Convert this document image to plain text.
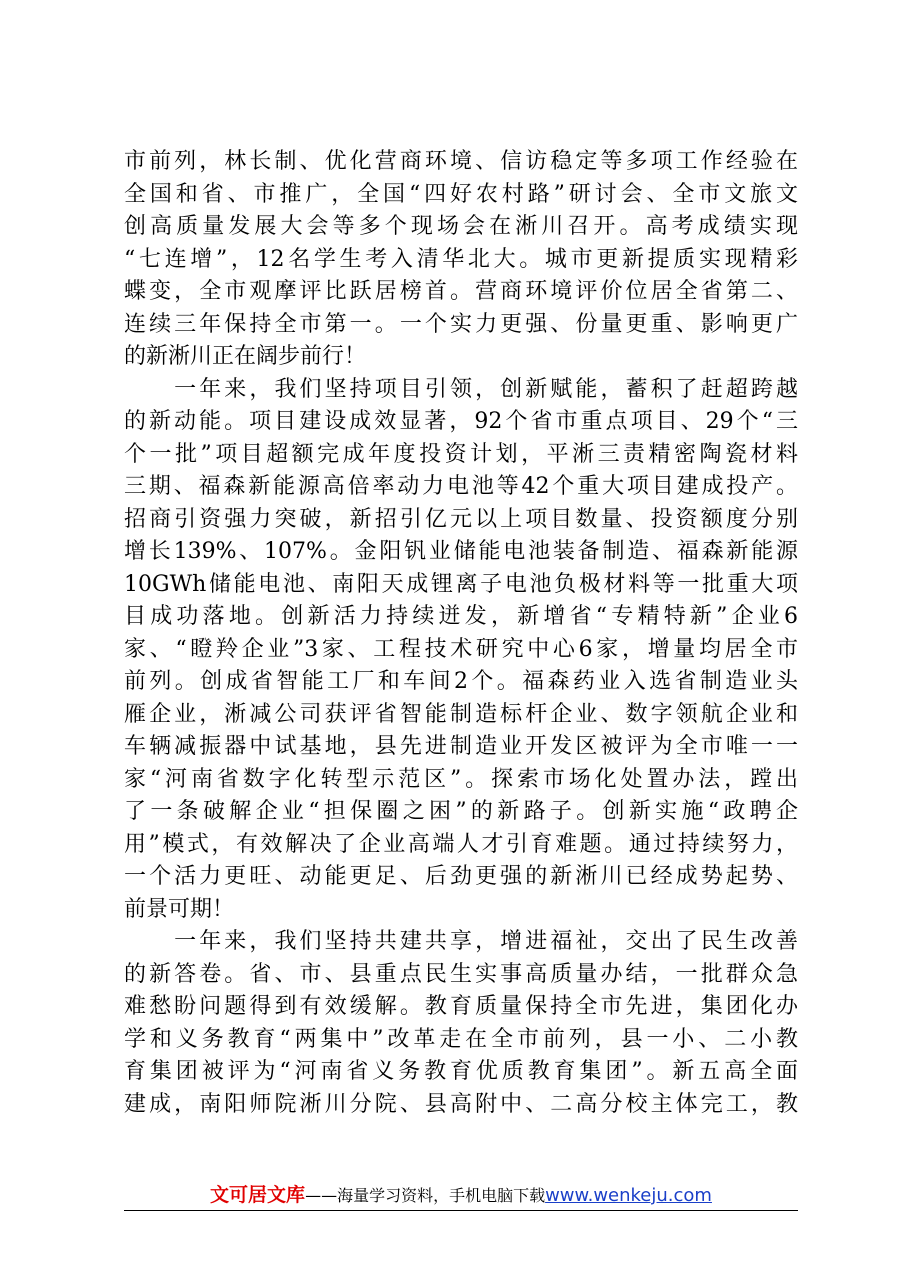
市前列，林长制、优化营商环境、信访稳定等多项工作经验在
全国和省、市推广，全国“四好农村路”研讨会、全市文旅文
创高质量发展大会等多个现场会在淅川召开。高考成绩实现
“七连增”，12名学生考入清华北大。城市更新提质实现精彩
蝶变，全市观摩评比跃居榜首。营商环境评价位居全省第二、
连续三年保持全市第一。一个实力更强、份量更重、影响更广
的新淅川正在阔步前行！
　　一年来，我们坚持项目引领，创新赋能，蓄积了赶超跨越
的新动能。项目建设成效显著，92个省市重点项目、29个“三
个一批”项目超额完成年度投资计划，平淅三责精密陶瓷材料
三期、福森新能源高倍率动力电池等42个重大项目建成投产。
招商引资强力突破，新招引亿元以上项目数量、投资额度分别
增长139%、107%。金阳钒业储能电池装备制造、福森新能源
10GWh储能电池、南阳天成锂离子电池负极材料等一批重大项
目成功落地。创新活力持续迸发，新增省“专精特新”企业6
家、“瞪羚企业”3家、工程技术研究中心6家，增量均居全市
前列。创成省智能工厂和车间2个。福森药业入选省制造业头
雁企业，淅减公司获评省智能制造标杆企业、数字领航企业和
车辆减振器中试基地，县先进制造业开发区被评为全市唯一一
家“河南省数字化转型示范区”。探索市场化处置办法，蹚出
了一条破解企业“担保圈之困”的新路子。创新实施“政聘企
用”模式，有效解决了企业高端人才引育难题。通过持续努力，
一个活力更旺、动能更足、后劲更强的新淅川已经成势起势、
前景可期！
　　一年来，我们坚持共建共享，增进福祉，交出了民生改善
的新答卷。省、市、县重点民生实事高质量办结，一批群众急
难愁盼问题得到有效缓解。教育质量保持全市先进，集团化办
学和义务教育“两集中”改革走在全市前列，县一小、二小教
育集团被评为“河南省义务教育优质教育集团”。新五高全面
建成，南阳师院淅川分院、县高附中、二高分校主体完工，教
文可居文库——海量学习资料，手机电脑下载www.wenkeju.com
